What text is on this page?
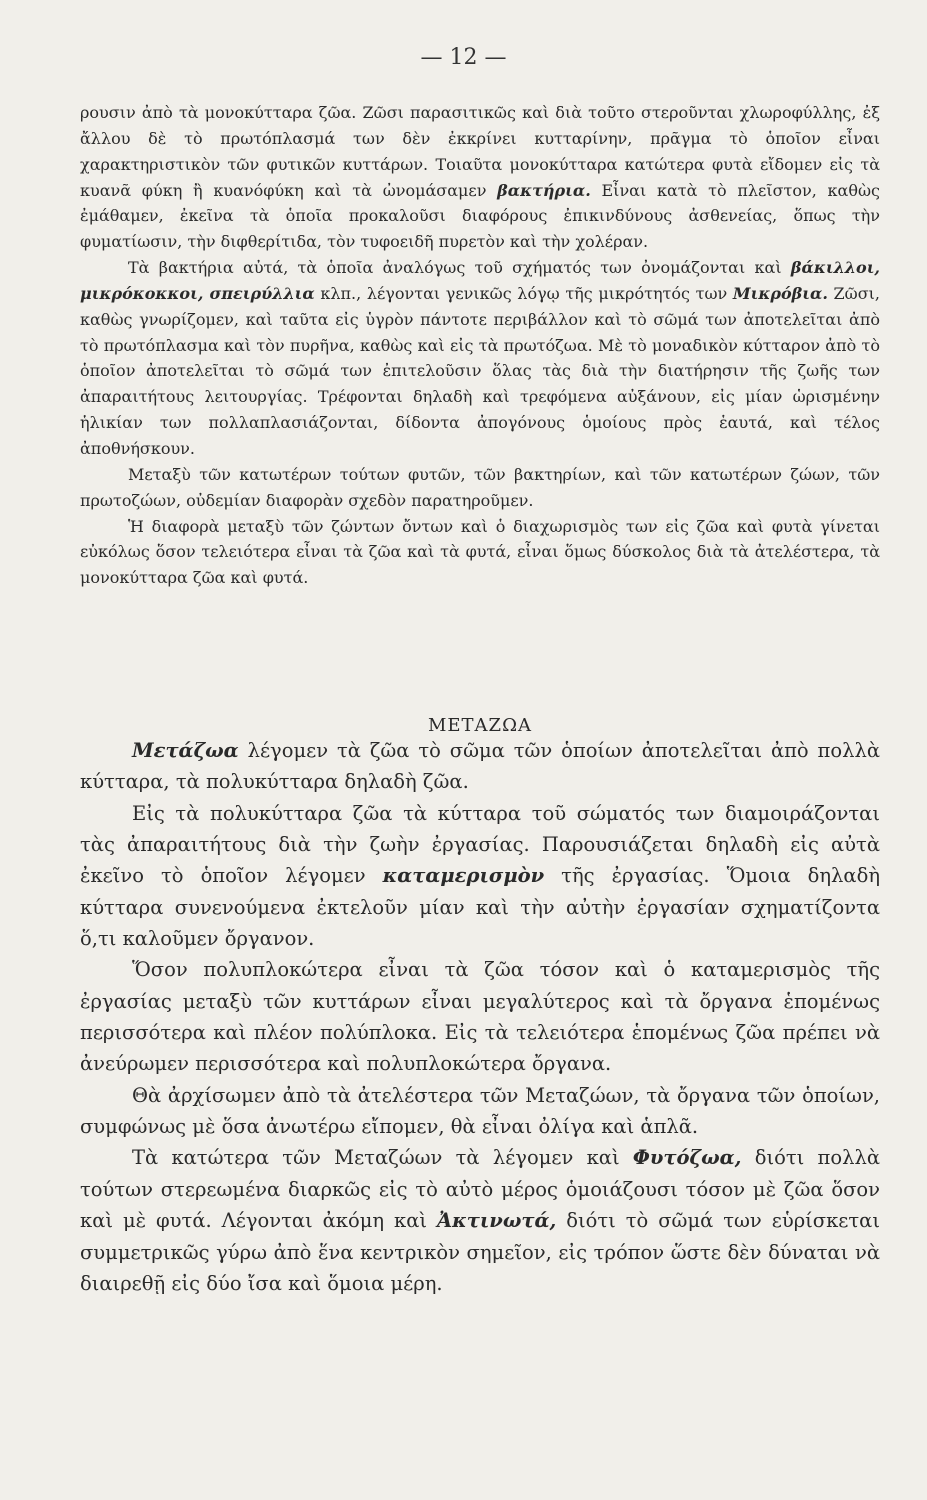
— 12 —

ρουσιν ἀπὸ τὰ μονοκύτταρα ζῶα. Ζῶσι παρασιτικῶς καὶ διὰ τοῦτο στεροῦνται χλωροφύλλης, ἐξ ἄλλου δὲ τὸ πρωτόπλασμά των δὲν ἐκκρίνει κυτταρίνην, πρᾶγμα τὸ ὁποῖον εἶναι χαρακτηριστικὸν τῶν φυτικῶν κυττάρων. Τοιαῦτα μονοκύτταρα κατώτερα φυτὰ εἴδομεν εἰς τὰ κυανᾶ φύκη ἢ κυανόφύκη καὶ τὰ ὠνομάσαμεν βακτήρια. Εἶναι κατὰ τὸ πλεῖστον, καθὼς ἐμάθαμεν, ἐκεῖνα τὰ ὁποῖα προκαλοῦσι διαφόρους ἐπικινδύνους ἀσθενείας, ὅπως τὴν φυματίωσιν, τὴν διφθερίτιδα, τὸν τυφοειδῆ πυρετὸν καὶ τὴν χολέραν.

Τὰ βακτήρια αὐτά, τὰ ὁποῖα ἀναλόγως τοῦ σχήματός των ὀνομάζονται καὶ βάκιλλοι, μικρόκοκκοι, σπειρύλλια κλπ., λέγονται γενικῶς λόγῳ τῆς μικρότητός των Μικρόβια. Ζῶσι, καθὼς γνωρίζομεν, καὶ ταῦτα εἰς ὑγρὸν πάντοτε περιβάλλον καὶ τὸ σῶμά των ἀποτελεῖται ἀπὸ τὸ πρωτόπλασμα καὶ τὸν πυρῆνα, καθὼς καὶ εἰς τὰ πρωτόζωα. Μὲ τὸ μοναδικὸν κύτταρον ἀπὸ τὸ ὁποῖον ἀποτελεῖται τὸ σῶμά των ἐπιτελοῦσιν ὅλας τὰς διὰ τὴν διατήρησιν τῆς ζωῆς των ἀπαραιτήτους λειτουργίας. Τρέφονται δηλαδὴ καὶ τρεφόμενα αὐξάνουν, εἰς μίαν ὡρισμένην ἡλικίαν των πολλαπλασιάζονται, δίδοντα ἀπογόνους ὁμοίους πρὸς ἑαυτά, καὶ τέλος ἀποθνήσκουν.

Μεταξὺ τῶν κατωτέρων τούτων φυτῶν, τῶν βακτηρίων, καὶ τῶν κατωτέρων ζώων, τῶν πρωτοζώων, οὐδεμίαν διαφορὰν σχεδὸν παρατηροῦμεν.

Ἡ διαφορὰ μεταξὺ τῶν ζώντων ὄντων καὶ ὁ διαχωρισμὸς των εἰς ζῶα καὶ φυτὰ γίνεται εὐκόλως ὅσον τελειότερα εἶναι τὰ ζῶα καὶ τὰ φυτά, εἶναι ὅμως δύσκολος διὰ τὰ ἀτελέστερα, τὰ μονοκύτταρα ζῶα καὶ φυτά.

ΜΕΤΑΖΩΑ

Μετάζωα λέγομεν τὰ ζῶα τὸ σῶμα τῶν ὁποίων ἀποτελεῖται ἀπὸ πολλὰ κύτταρα, τὰ πολυκύτταρα δηλαδὴ ζῶα.

Εἰς τὰ πολυκύτταρα ζῶα τὰ κύτταρα τοῦ σώματός των διαμοιράζονται τὰς ἀπαραιτήτους διὰ τὴν ζωὴν ἐργασίας. Παρουσιάζεται δηλαδὴ εἰς αὐτὰ ἐκεῖνο τὸ ὁποῖον λέγομεν καταμερισμὸν τῆς ἐργασίας. Ὅμοια δηλαδὴ κύτταρα συνενούμενα ἐκτελοῦν μίαν καὶ τὴν αὐτὴν ἐργασίαν σχηματίζοντα ὅ,τι καλοῦμεν ὄργανον.

Ὅσον πολυπλοκώτερα εἶναι τὰ ζῶα τόσον καὶ ὁ καταμερισμὸς τῆς ἐργασίας μεταξὺ τῶν κυττάρων εἶναι μεγαλύτερος καὶ τὰ ὄργανα ἑπομένως περισσότερα καὶ πλέον πολύπλοκα. Εἰς τὰ τελειότερα ἑπομένως ζῶα πρέπει νὰ ἀνεύρωμεν περισσότερα καὶ πολυπλοκώτερα ὄργανα.

Θὰ ἀρχίσωμεν ἀπὸ τὰ ἀτελέστερα τῶν Μεταζώων, τὰ ὄργανα τῶν ὁποίων, συμφώνως μὲ ὅσα ἀνωτέρω εἴπομεν, θὰ εἶναι ὀλίγα καὶ ἁπλᾶ.

Τὰ κατώτερα τῶν Μεταζώων τὰ λέγομεν καὶ Φυτόζωα, διότι πολλὰ τούτων στερεωμένα διαρκῶς εἰς τὸ αὐτὸ μέρος ὁμοιάζουσι τόσον μὲ ζῶα ὅσον καὶ μὲ φυτά. Λέγονται ἀκόμη καὶ Ἀκτινωτά, διότι τὸ σῶμά των εὑρίσκεται συμμετρικῶς γύρω ἀπὸ ἕνα κεντρικὸν σημεῖον, εἰς τρόπον ὥστε δὲν δύναται νὰ διαιρεθῇ εἰς δύο ἴσα καὶ ὅμοια μέρη.
